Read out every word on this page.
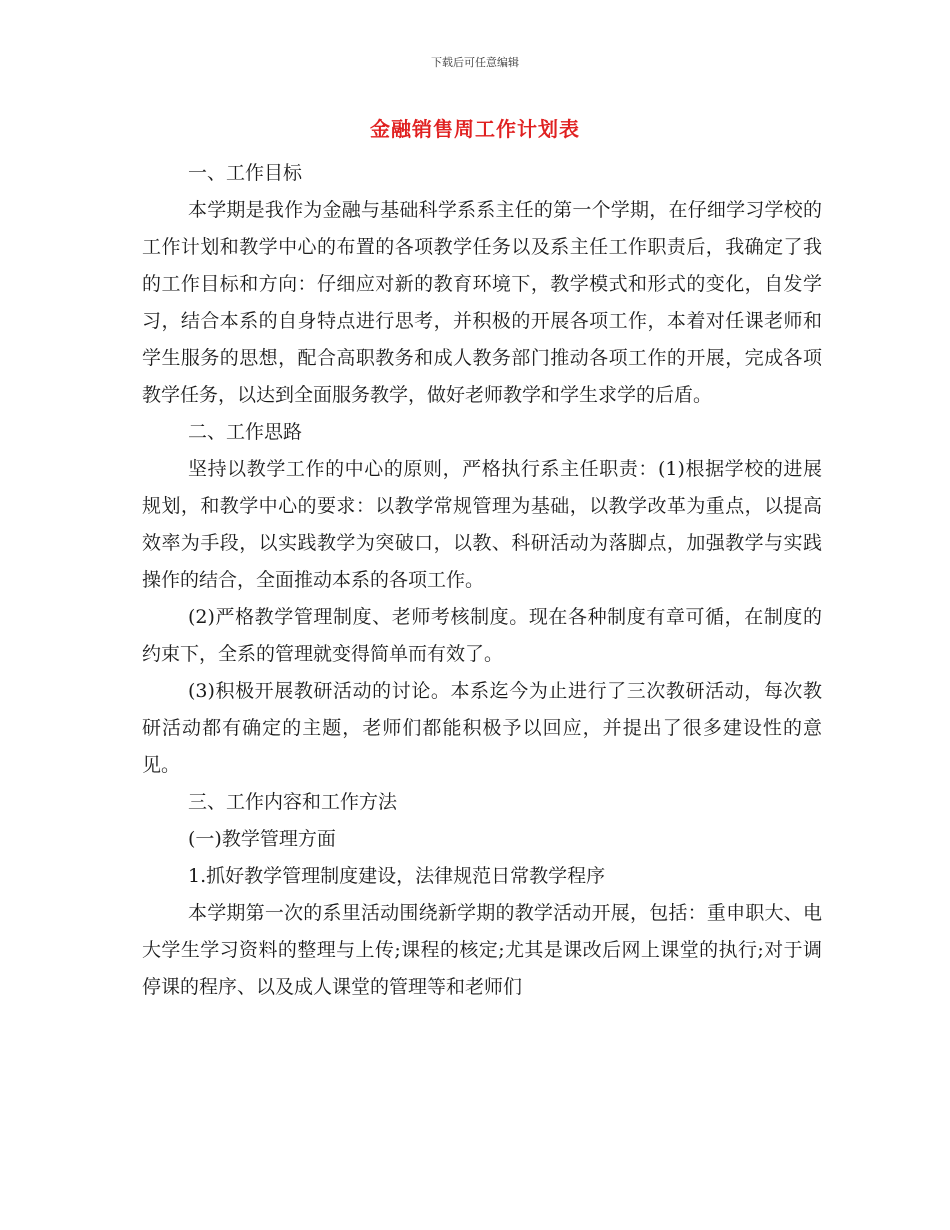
下载后可任意编辑
金融销售周工作计划表

一、工作目标

本学期是我作为金融与基础科学系系主任的第一个学期，在仔细学习学校的工作计划和教学中心的布置的各项教学任务以及系主任工作职责后，我确定了我的工作目标和方向：仔细应对新的教育环境下，教学模式和形式的变化，自发学习，结合本系的自身特点进行思考，并积极的开展各项工作，本着对任课老师和学生服务的思想，配合高职教务和成人教务部门推动各项工作的开展，完成各项教学任务，以达到全面服务教学，做好老师教学和学生求学的后盾。

二、工作思路

坚持以教学工作的中心的原则，严格执行系主任职责：(1)根据学校的进展规划，和教学中心的要求：以教学常规管理为基础，以教学改革为重点，以提高效率为手段，以实践教学为突破口，以教、科研活动为落脚点，加强教学与实践操作的结合，全面推动本系的各项工作。

(2)严格教学管理制度、老师考核制度。现在各种制度有章可循，在制度的约束下，全系的管理就变得简单而有效了。

(3)积极开展教研活动的讨论。本系迄今为止进行了三次教研活动，每次教研活动都有确定的主题，老师们都能积极予以回应，并提出了很多建设性的意见。

三、工作内容和工作方法

(一)教学管理方面

1.抓好教学管理制度建设，法律规范日常教学程序

本学期第一次的系里活动围绕新学期的教学活动开展，包括：重申职大、电大学生学习资料的整理与上传;课程的核定;尤其是课改后网上课堂的执行;对于调停课的程序、以及成人课堂的管理等和老师们
